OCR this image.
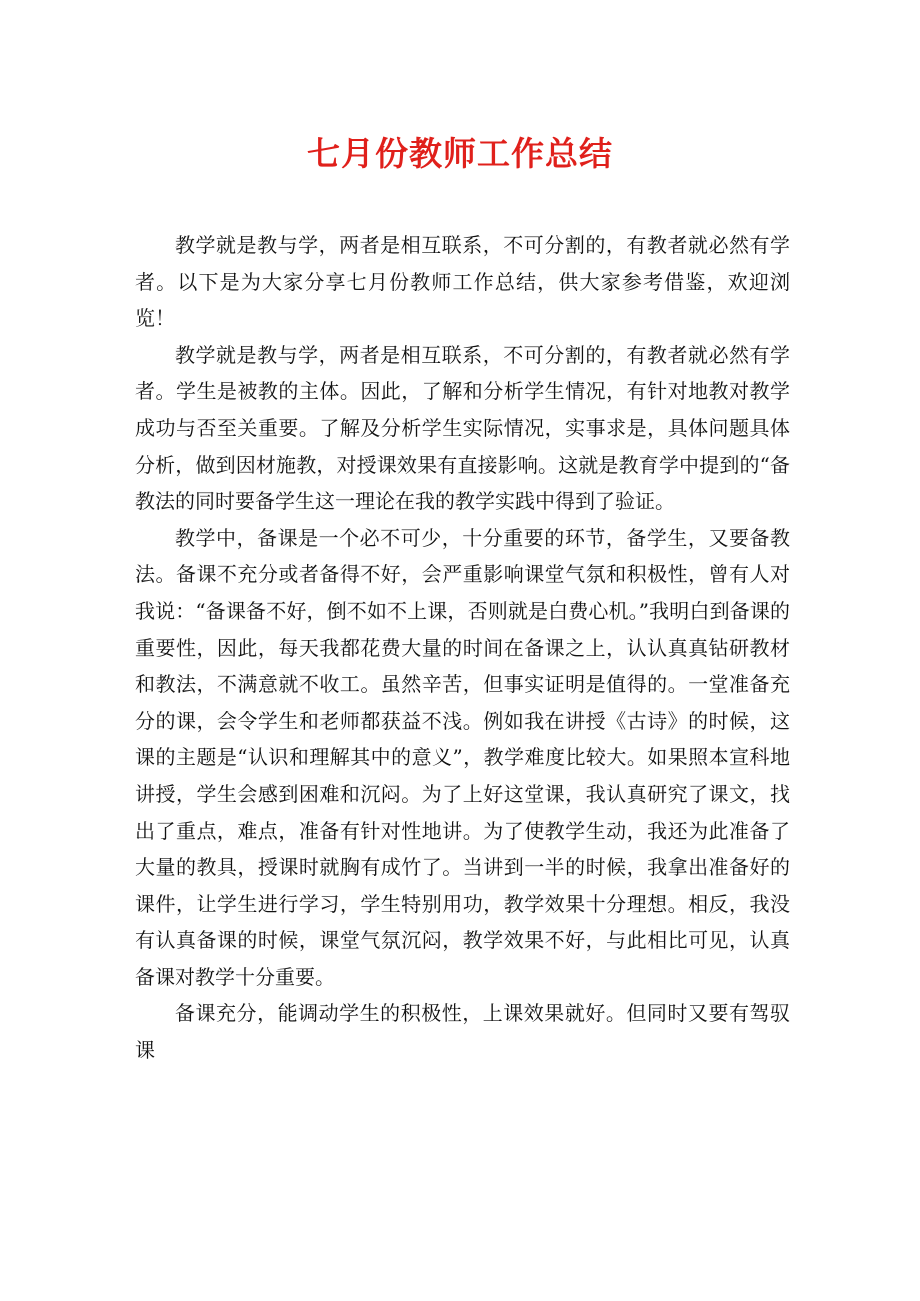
七月份教师工作总结

教学就是教与学，两者是相互联系，不可分割的，有教者就必然有学者。以下是为大家分享七月份教师工作总结，供大家参考借鉴，欢迎浏览！

教学就是教与学，两者是相互联系，不可分割的，有教者就必然有学者。学生是被教的主体。因此，了解和分析学生情况，有针对地教对教学成功与否至关重要。了解及分析学生实际情况，实事求是，具体问题具体分析，做到因材施教，对授课效果有直接影响。这就是教育学中提到的“备教法的同时要备学生这一理论在我的教学实践中得到了验证。

教学中，备课是一个必不可少，十分重要的环节，备学生，又要备教法。备课不充分或者备得不好，会严重影响课堂气氛和积极性，曾有人对我说：“备课备不好，倒不如不上课，否则就是白费心机。”我明白到备课的重要性，因此，每天我都花费大量的时间在备课之上，认认真真钻研教材和教法，不满意就不收工。虽然辛苦，但事实证明是值得的。一堂准备充分的课，会令学生和老师都获益不浅。例如我在讲授《古诗》的时候，这课的主题是“认识和理解其中的意义”，教学难度比较大。如果照本宣科地讲授，学生会感到困难和沉闷。为了上好这堂课，我认真研究了课文，找出了重点，难点，准备有针对性地讲。为了使教学生动，我还为此准备了大量的教具，授课时就胸有成竹了。当讲到一半的时候，我拿出准备好的课件，让学生进行学习，学生特别用功，教学效果十分理想。相反，我没有认真备课的时候，课堂气氛沉闷，教学效果不好，与此相比可见，认真备课对教学十分重要。

备课充分，能调动学生的积极性，上课效果就好。但同时又要有驾驭课
